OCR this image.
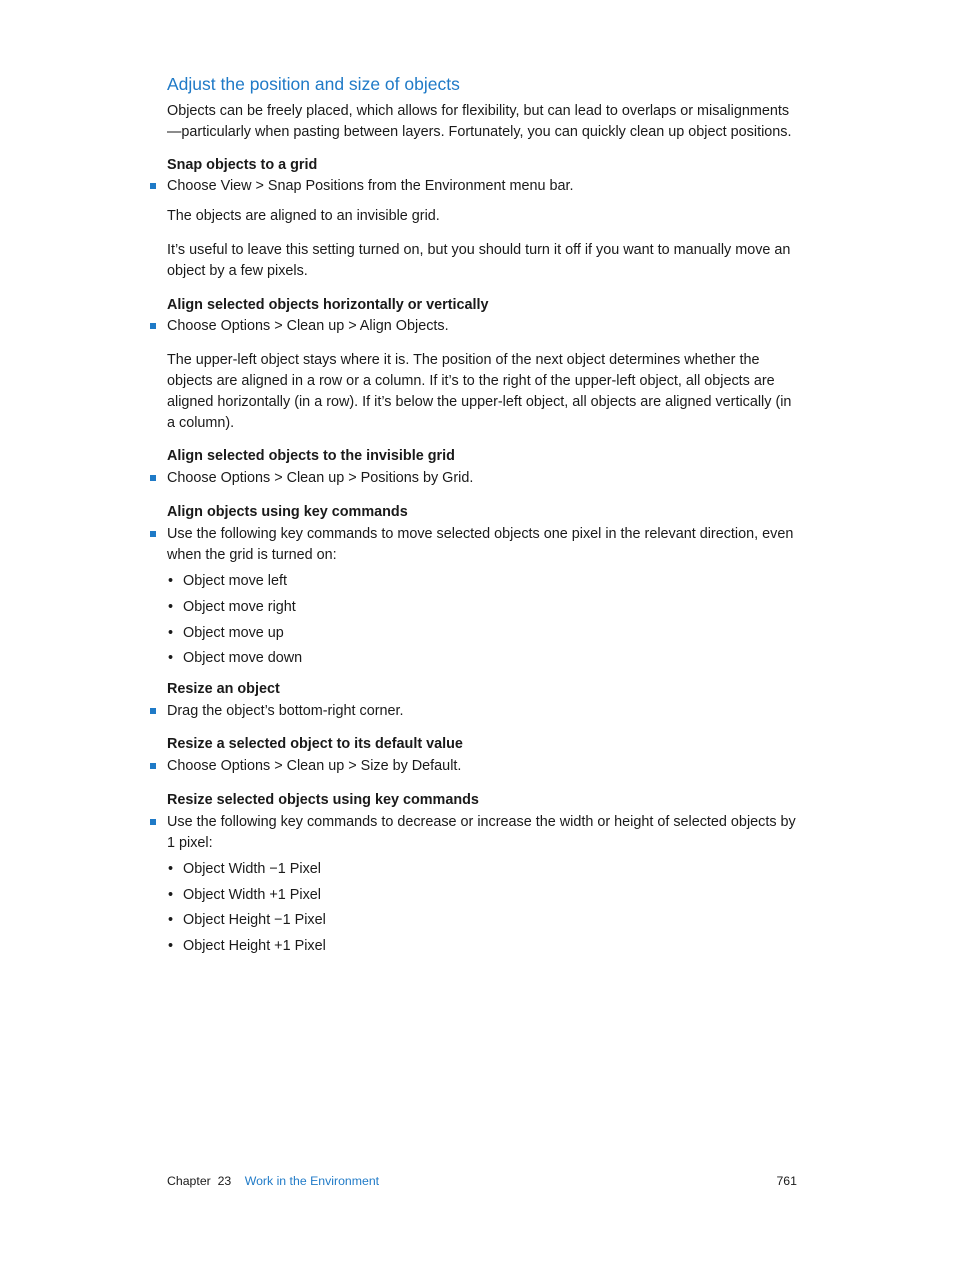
Adjust the position and size of objects

Objects can be freely placed, which allows for flexibility, but can lead to overlaps or misalignments—particularly when pasting between layers. Fortunately, you can quickly clean up object positions.

Snap objects to a grid
Choose View > Snap Positions from the Environment menu bar.

The objects are aligned to an invisible grid.

It’s useful to leave this setting turned on, but you should turn it off if you want to manually move an object by a few pixels.

Align selected objects horizontally or vertically
Choose Options > Clean up > Align Objects.

The upper-left object stays where it is. The position of the next object determines whether the objects are aligned in a row or a column. If it’s to the right of the upper-left object, all objects are aligned horizontally (in a row). If it’s below the upper-left object, all objects are aligned vertically (in a column).

Align selected objects to the invisible grid
Choose Options > Clean up > Positions by Grid.
Align objects using key commands
Use the following key commands to move selected objects one pixel in the relevant direction, even when the grid is turned on:
• Object move left
• Object move right
• Object move up
• Object move down
Resize an object
Drag the object’s bottom-right corner.
Resize a selected object to its default value
Choose Options > Clean up > Size by Default.
Resize selected objects using key commands
Use the following key commands to decrease or increase the width or height of selected objects by 1 pixel:
• Object Width −1 Pixel
• Object Width +1 Pixel
• Object Height −1 Pixel
• Object Height +1 Pixel
Chapter  23 Work in the Environment	761
